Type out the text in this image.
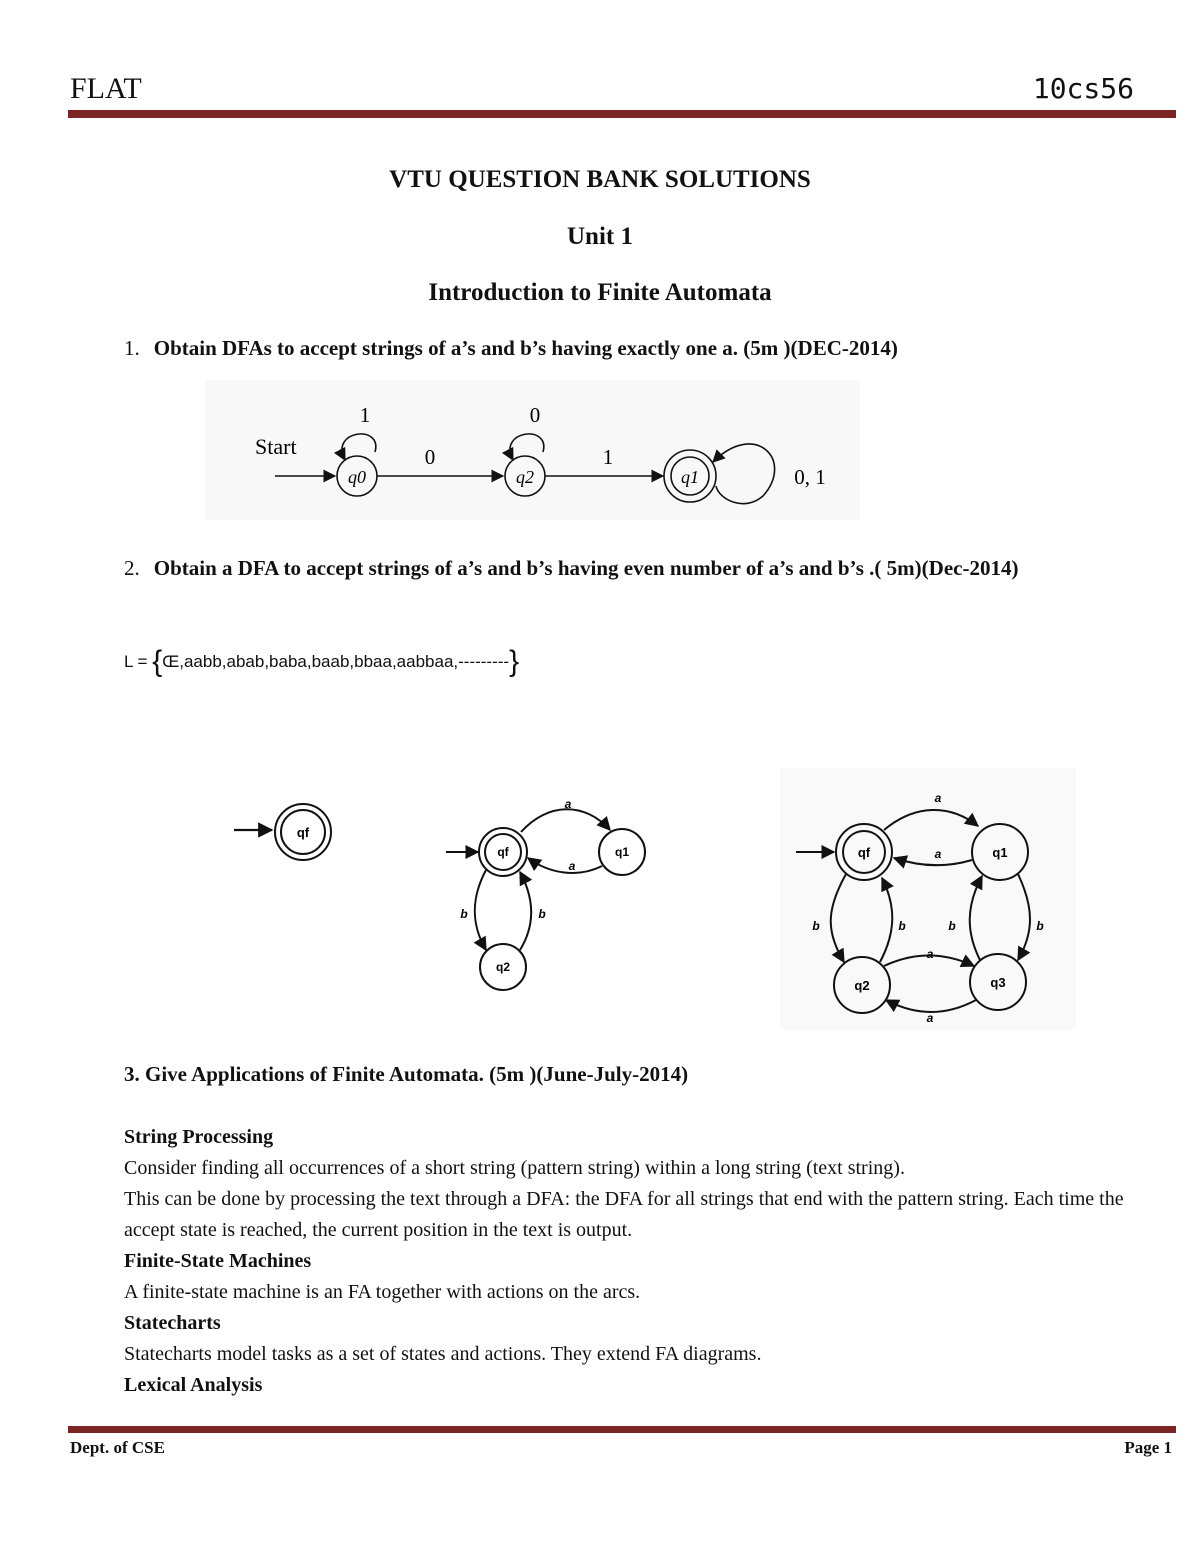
FLAT	10cs56
VTU QUESTION BANK SOLUTIONS
Unit 1
Introduction to Finite Automata
1. Obtain DFAs to accept strings of a’s and b’s having exactly one a. (5m )(DEC-2014)
Start
q0
1
0
q2
0
1
q1	0, 1
2. Obtain a DFA to accept strings of a’s and b’s having even number of a’s and b’s .( 5m)(Dec-2014)
L = {Œ,aabb,abab,baba,baab,bbaa,aabbaa,---------}
qf
qf	q1
q2
a
a
b	b
qf	q1
q2	q3
a
a
b	b	b
b
a
a
3. Give Applications of Finite Automata. (5m )(June-July-2014)
String Processing
Consider finding all occurrences of a short string (pattern string) within a long string (text string).
This can be done by processing the text through a DFA: the DFA for all strings that end with the pattern string. Each time the accept state is reached, the current position in the text is output.
Finite-State Machines
A finite-state machine is an FA together with actions on the arcs.
Statecharts
Statecharts model tasks as a set of states and actions. They extend FA diagrams.
Lexical Analysis
Dept. of CSE	Page 1
